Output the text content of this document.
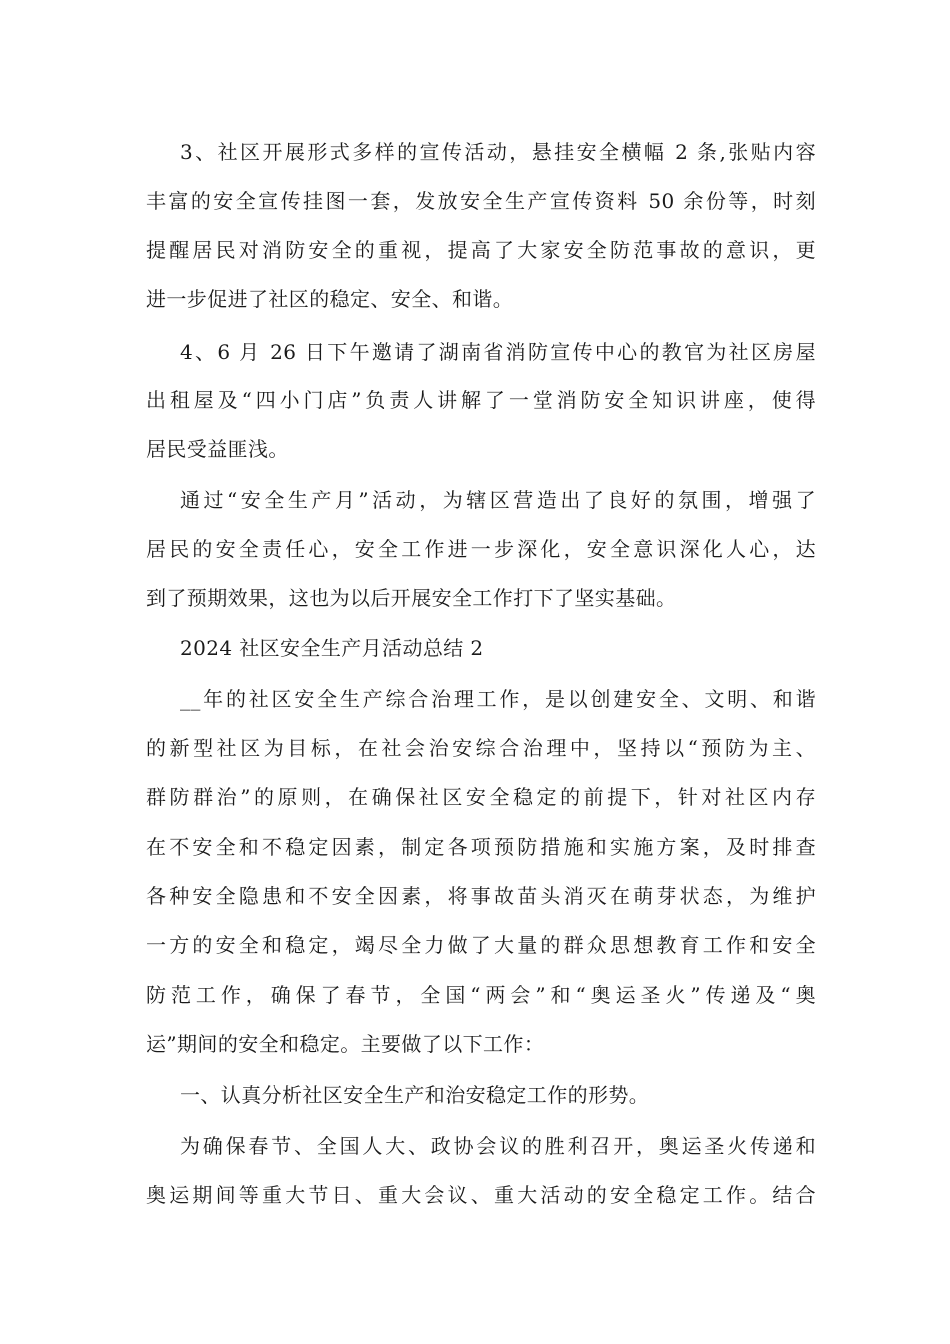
3、社区开展形式多样的宣传活动，悬挂安全横幅 2 条,张贴内容
丰富的安全宣传挂图一套，发放安全生产宣传资料 50 余份等，时刻
提醒居民对消防安全的重视，提高了大家安全防范事故的意识，更
进一步促进了社区的稳定、安全、和谐。
4、6 月 26 日下午邀请了湖南省消防宣传中心的教官为社区房屋
出租屋及“四小门店”负责人讲解了一堂消防安全知识讲座，使得
居民受益匪浅。
通过“安全生产月”活动，为辖区营造出了良好的氛围，增强了
居民的安全责任心，安全工作进一步深化，安全意识深化人心，达
到了预期效果，这也为以后开展安全工作打下了坚实基础。
2024 社区安全生产月活动总结 2
__年的社区安全生产综合治理工作，是以创建安全、文明、和谐
的新型社区为目标，在社会治安综合治理中，坚持以“预防为主、
群防群治”的原则，在确保社区安全稳定的前提下，针对社区内存
在不安全和不稳定因素，制定各项预防措施和实施方案，及时排查
各种安全隐患和不安全因素，将事故苗头消灭在萌芽状态，为维护
一方的安全和稳定，竭尽全力做了大量的群众思想教育工作和安全
防范工作，确保了春节，全国“两会”和“奥运圣火”传递及“奥
运”期间的安全和稳定。主要做了以下工作：
一、认真分析社区安全生产和治安稳定工作的形势。
为确保春节、全国人大、政协会议的胜利召开，奥运圣火传递和
奥运期间等重大节日、重大会议、重大活动的安全稳定工作。结合
